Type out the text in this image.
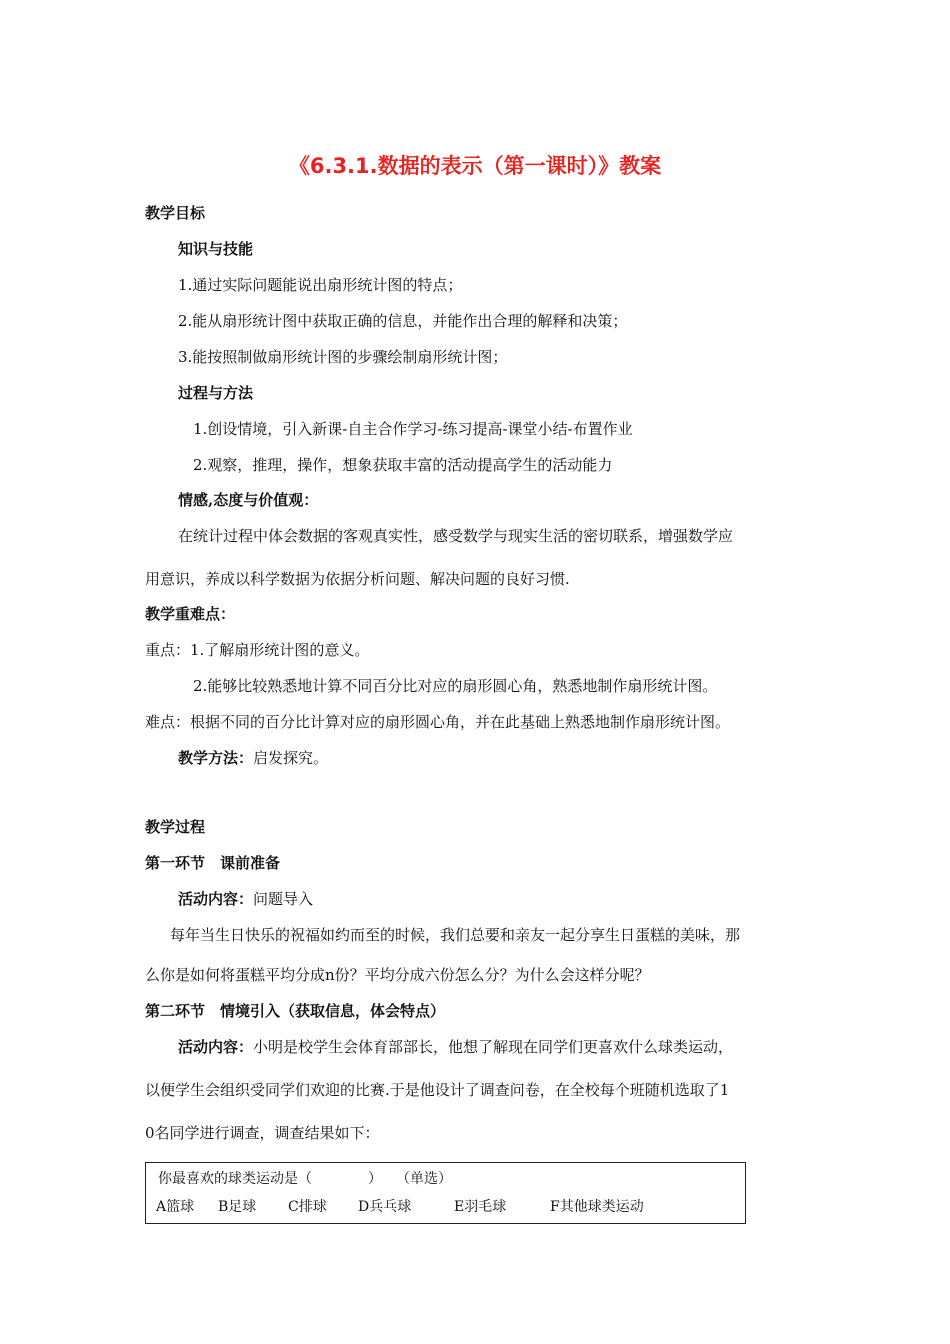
《6.3.1.数据的表示（第一课时）》教案
教学目标
知识与技能
1.通过实际问题能说出扇形统计图的特点；
2.能从扇形统计图中获取正确的信息，并能作出合理的解释和决策；
3.能按照制做扇形统计图的步骤绘制扇形统计图；
过程与方法
1.创设情境，引入新课-自主合作学习-练习提高-课堂小结-布置作业
2.观察，推理，操作，想象获取丰富的活动提高学生的活动能力
情感,态度与价值观：
在统计过程中体会数据的客观真实性，感受数学与现实生活的密切联系，增强数学应
用意识，养成以科学数据为依据分析问题、解决问题的良好习惯.
教学重难点：
重点：1.了解扇形统计图的意义。
2.能够比较熟悉地计算不同百分比对应的扇形圆心角，熟悉地制作扇形统计图。
难点：根据不同的百分比计算对应的扇形圆心角，并在此基础上熟悉地制作扇形统计图。
教学方法：启发探究。
教学过程
第一环节　课前准备
活动内容：问题导入
每年当生日快乐的祝福如约而至的时候，我们总要和亲友一起分享生日蛋糕的美味，那
么你是如何将蛋糕平均分成n份？平均分成六份怎么分？为什么会这样分呢？
第二环节　情境引入（获取信息，体会特点）
活动内容：小明是校学生会体育部部长，他想了解现在同学们更喜欢什么球类运动，
以便学生会组织受同学们欢迎的比赛.于是他设计了调查问卷，在全校每个班随机选取了1
0名同学进行调查，调查结果如下：
你最喜欢的球类运动是（　　　　）　　（单选）
A篮球 B足球 C排球 D兵乓球	E羽毛球	F其他球类运动
